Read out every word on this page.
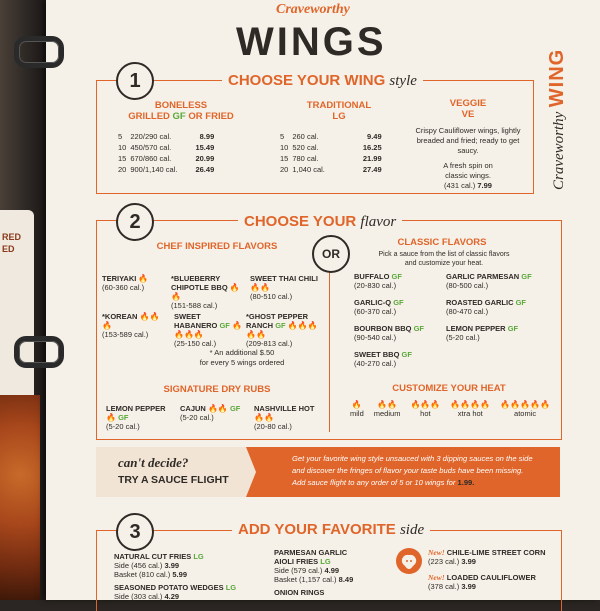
RED
ED
Craveworthy
WINGS
Craveworthy WING
1	CHOOSE YOUR WING style
BONELESS
GRILLED GF OR FRIED
5	220/290 cal.	8.99
10	450/570 cal.	15.49
15	670/860 cal.	20.99
20	900/1,140 cal.	26.49
TRADITIONAL
LG
5	260 cal.	9.49
10	520 cal.	16.25
15	780 cal.	21.99
20	1,040 cal.	27.49
VEGGIE
VE
Crispy Cauliflower wings, lightly breaded and fried; ready to get saucy.
A fresh spin on
classic wings.
(431 cal.) 7.99
2	CHOOSE YOUR flavor
OR
CHEF INSPIRED FLAVORS
TERIYAKI 🔥
(60-360 cal.)
*BLUEBERRY CHIPOTLE BBQ 🔥🔥
(151-588 cal.)
SWEET THAI CHILI 🔥🔥
(80-510 cal.)
*KOREAN 🔥🔥🔥
(153-589 cal.)
SWEET HABANERO GF 🔥🔥🔥🔥
(25-150 cal.)
*GHOST PEPPER RANCH GF 🔥🔥🔥🔥🔥
(209-813 cal.)
* An additional $.50
for every 5 wings ordered
SIGNATURE DRY RUBS
LEMON PEPPER 🔥 GF
(5-20 cal.)
CAJUN 🔥🔥 GF
(5-20 cal.)
NASHVILLE HOT 🔥🔥
(20-80 cal.)
CLASSIC FLAVORS
Pick a sauce from the list of classic flavors
and customize your heat.
BUFFALO GF
(20-830 cal.)
GARLIC PARMESAN GF
(80-500 cal.)
GARLIC-Q GF
(60-370 cal.)
ROASTED GARLIC GF
(80-470 cal.)
BOURBON BBQ GF
(90-540 cal.)
LEMON PEPPER GF
(5-20 cal.)
SWEET BBQ GF
(40-270 cal.)
CUSTOMIZE YOUR HEAT
🔥
mild
🔥🔥
medium
🔥🔥🔥
hot
🔥🔥🔥🔥
xtra hot
🔥🔥🔥🔥🔥
atomic
can't decide?
TRY A SAUCE FLIGHT
Get your favorite wing style unsauced with 3 dipping sauces on the side
and discover the fringes of flavor your taste buds have been missing.
Add sauce flight to any order of 5 or 10 wings for 1.99.
3	ADD YOUR FAVORITE side
NATURAL CUT FRIES LG
Side (456 cal.) 3.99
Basket (810 cal.) 5.99
SEASONED POTATO WEDGES LG
Side (303 cal.) 4.29
PARMESAN GARLIC
AIOLI FRIES LG
Side (579 cal.) 4.99
Basket (1,157 cal.) 8.49
ONION RINGS
New! CHILE-LIME STREET CORN
(223 cal.) 3.99
New! LOADED CAULIFLOWER
(378 cal.) 3.99
